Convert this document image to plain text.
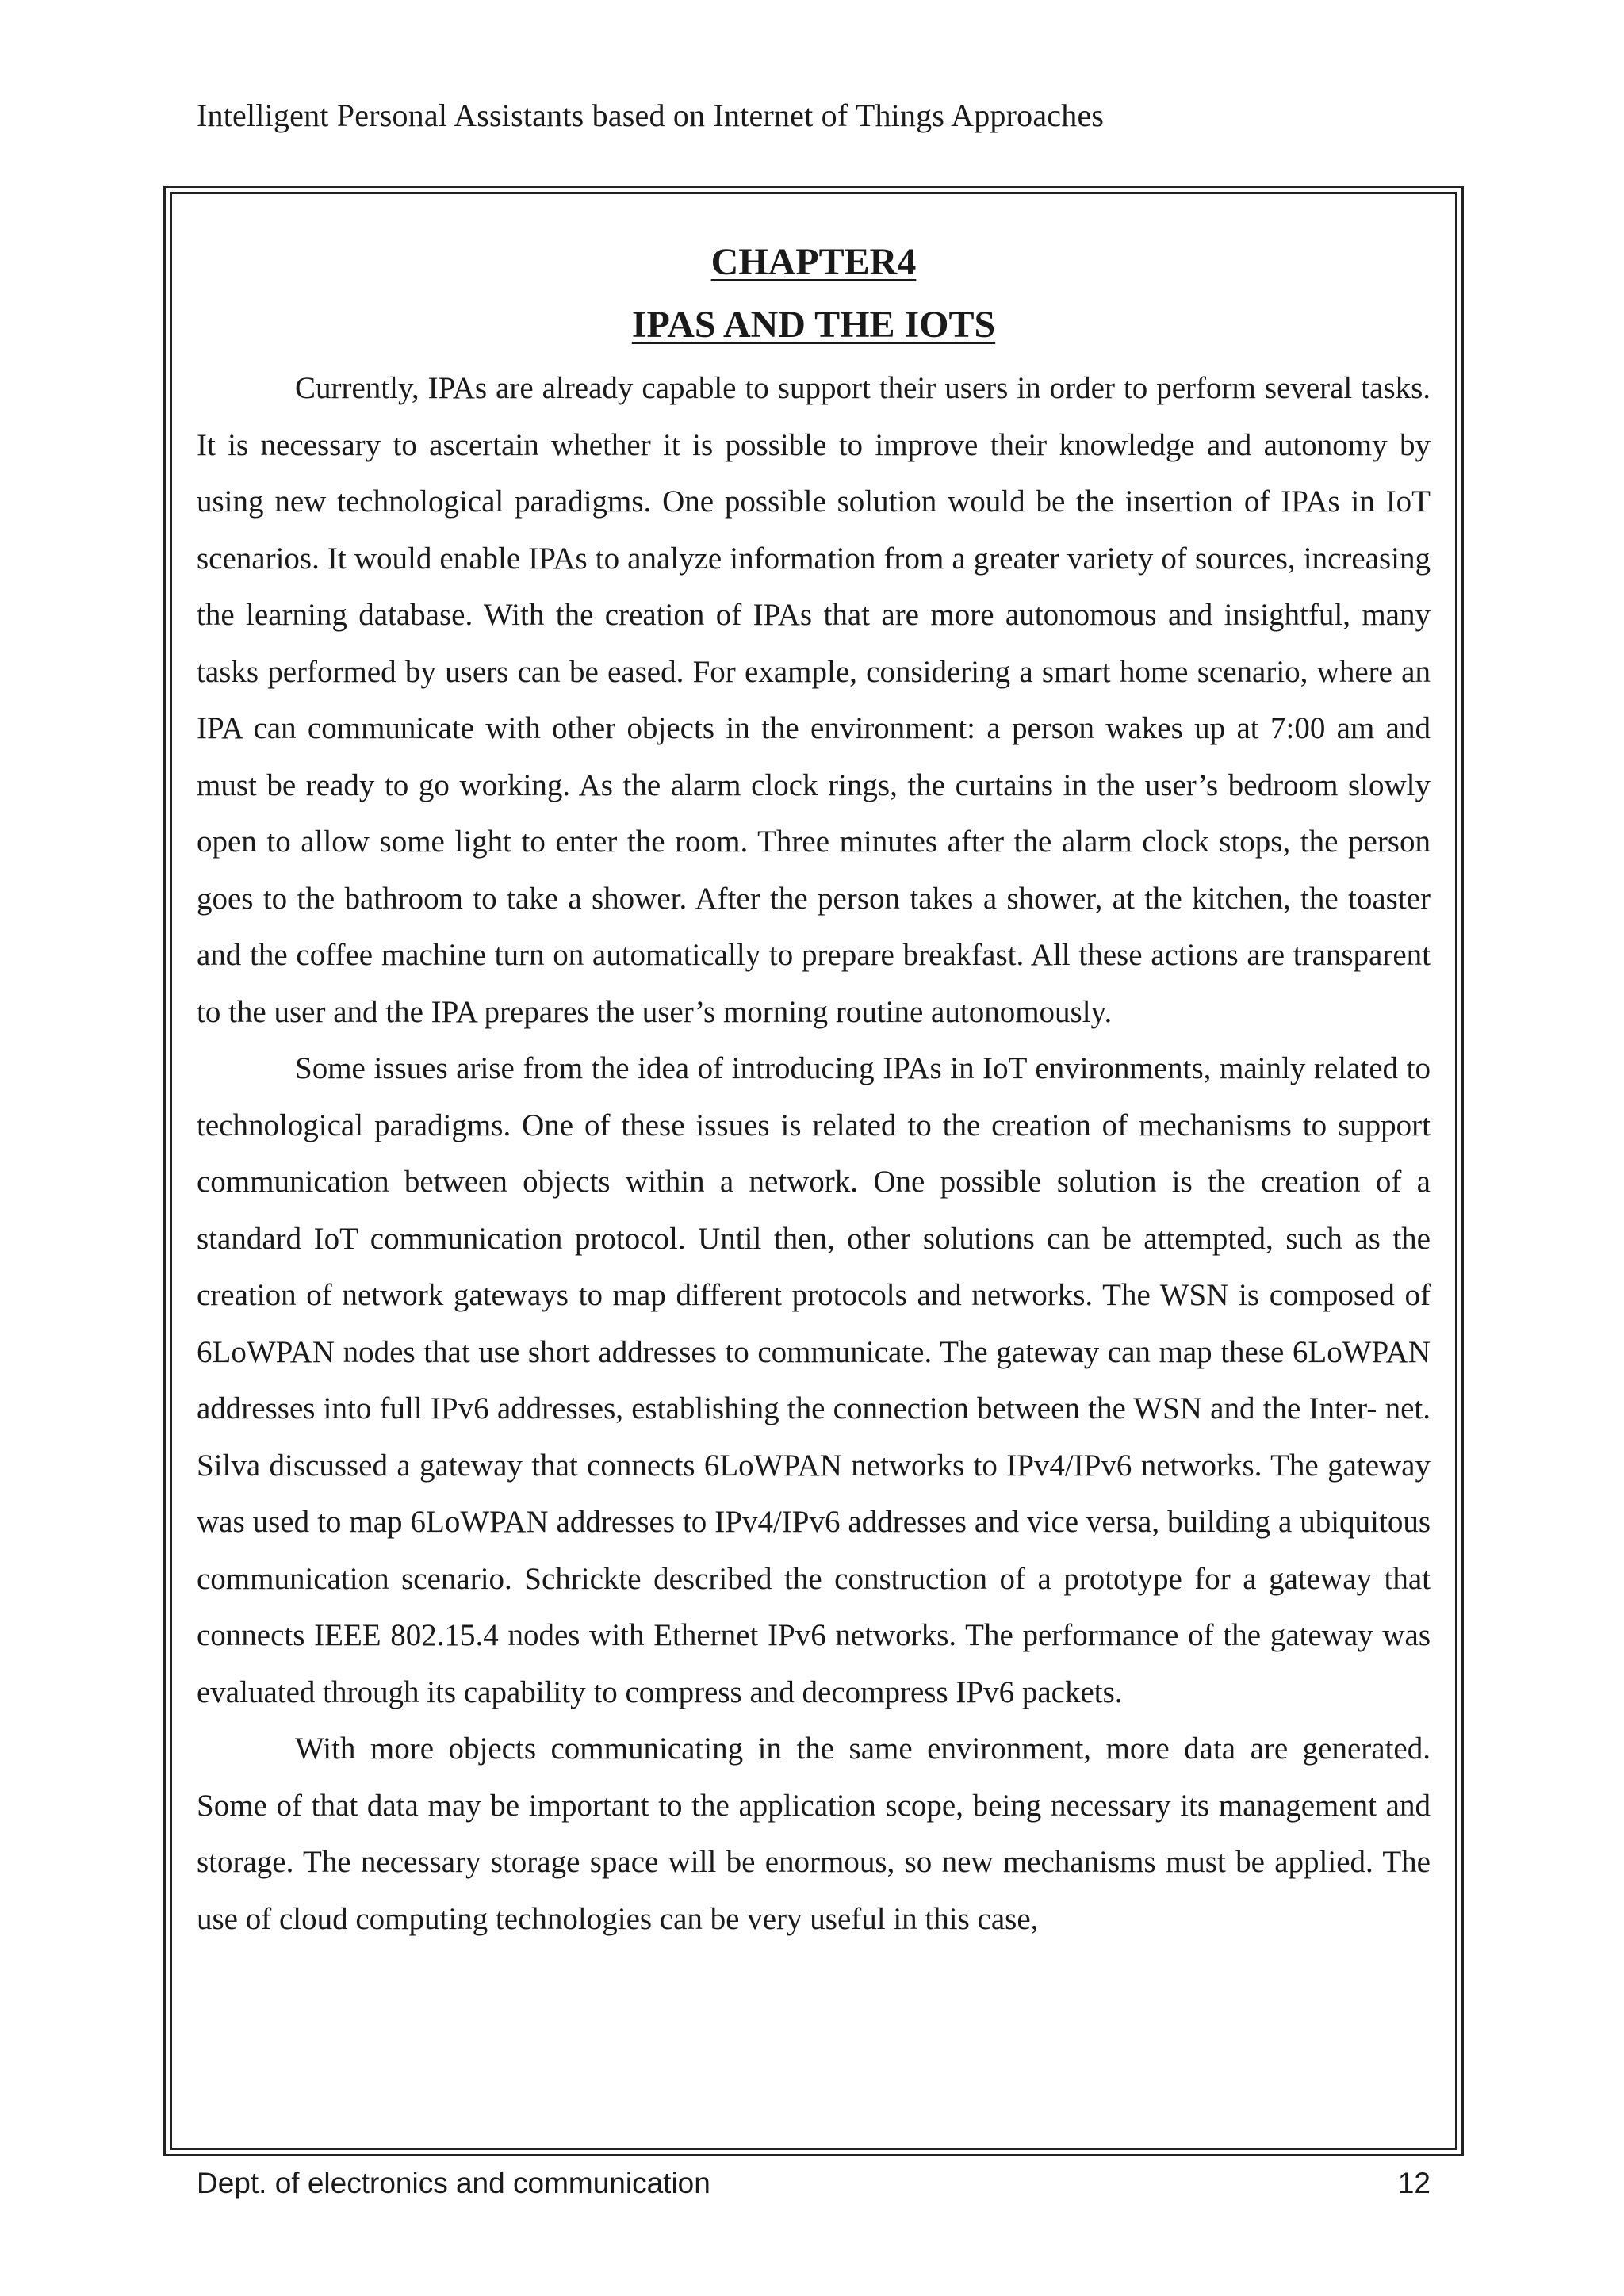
Intelligent Personal Assistants based on Internet of Things Approaches
CHAPTER4
IPAS AND THE IOTS

Currently, IPAs are already capable to support their users in order to perform several tasks. It is necessary to ascertain whether it is possible to improve their knowledge and autonomy by using new technological paradigms. One possible solution would be the insertion of IPAs in IoT scenarios. It would enable IPAs to analyze information from a greater variety of sources, increasing the learning database. With the creation of IPAs that are more autonomous and insightful, many tasks performed by users can be eased. For example, considering a smart home scenario, where an IPA can communicate with other objects in the environment: a person wakes up at 7:00 am and must be ready to go working. As the alarm clock rings, the curtains in the user’s bedroom slowly open to allow some light to enter the room. Three minutes after the alarm clock stops, the person goes to the bathroom to take a shower. After the person takes a shower, at the kitchen, the toaster and the coffee machine turn on automatically to prepare breakfast. All these actions are transparent to the user and the IPA prepares the user’s morning routine autonomously.

Some issues arise from the idea of introducing IPAs in IoT environments, mainly related to technological paradigms. One of these issues is related to the creation of mechanisms to support communication between objects within a network. One possible solution is the creation of a standard IoT communication protocol. Until then, other solutions can be attempted, such as the creation of network gateways to map different protocols and networks. The WSN is composed of 6LoWPAN nodes that use short addresses to communicate. The gateway can map these 6LoWPAN addresses into full IPv6 addresses, establishing the connection between the WSN and the Inter- net. Silva discussed a gateway that connects 6LoWPAN networks to IPv4/IPv6 networks. The gateway was used to map 6LoWPAN addresses to IPv4/IPv6 addresses and vice versa, building a ubiquitous communication scenario. Schrickte described the construction of a prototype for a gateway that connects IEEE 802.15.4 nodes with Ethernet IPv6 networks. The performance of the gateway was evaluated through its capability to compress and decompress IPv6 packets.

With more objects communicating in the same environment, more data are generated. Some of that data may be important to the application scope, being necessary its management and storage. The necessary storage space will be enormous, so new mechanisms must be applied. The use of cloud computing technologies can be very useful in this case,

Dept. of electronics and communication	12
